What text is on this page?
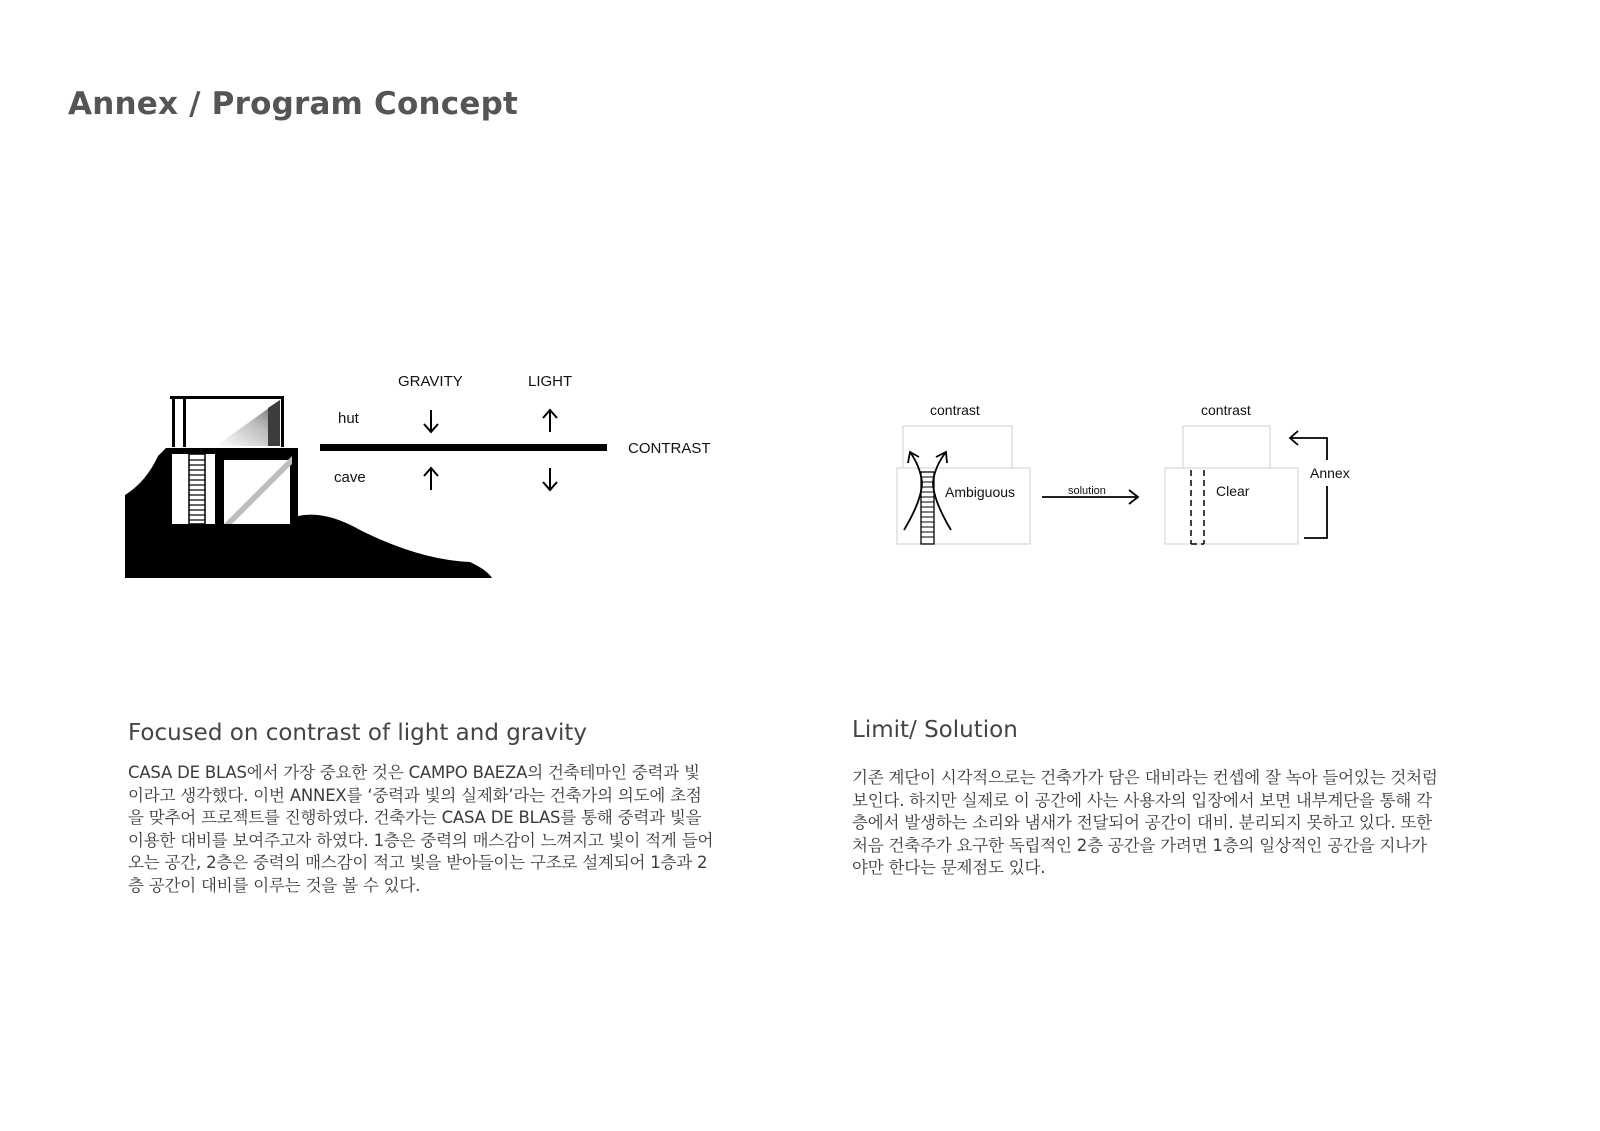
Annex / Program Concept
GRAVITY	LIGHT
hut
cave
CONTRAST
contrast
Ambiguous	solution
contrast
Clear
Annex
Focused on contrast of light and gravity
CASA DE BLAS에서 가장 중요한 것은 CAMPO BAEZA의 건축테마인 중력과 빛
이라고 생각했다. 이번 ANNEX를 ‘중력과 빛의 실제화’라는 건축가의 의도에 초점
을 맞추어 프로젝트를 진행하였다. 건축가는 CASA DE BLAS를 통해 중력과 빛을
이용한 대비를 보여주고자 하였다. 1층은 중력의 매스감이 느껴지고 빛이 적게 들어
오는 공간, 2층은 중력의 매스감이 적고 빛을 받아들이는 구조로 설계되어 1층과 2
층 공간이 대비를 이루는 것을 볼 수 있다.
Limit/ Solution
기존 계단이 시각적으로는 건축가가 담은 대비라는 컨셉에 잘 녹아 들어있는 것처럼
보인다. 하지만 실제로 이 공간에 사는 사용자의 입장에서 보면 내부계단을 통해 각
층에서 발생하는 소리와 냄새가 전달되어 공간이 대비. 분리되지 못하고 있다. 또한
처음 건축주가 요구한 독립적인 2층 공간을 가려면 1층의 일상적인 공간을 지나가
야만 한다는 문제점도 있다.
